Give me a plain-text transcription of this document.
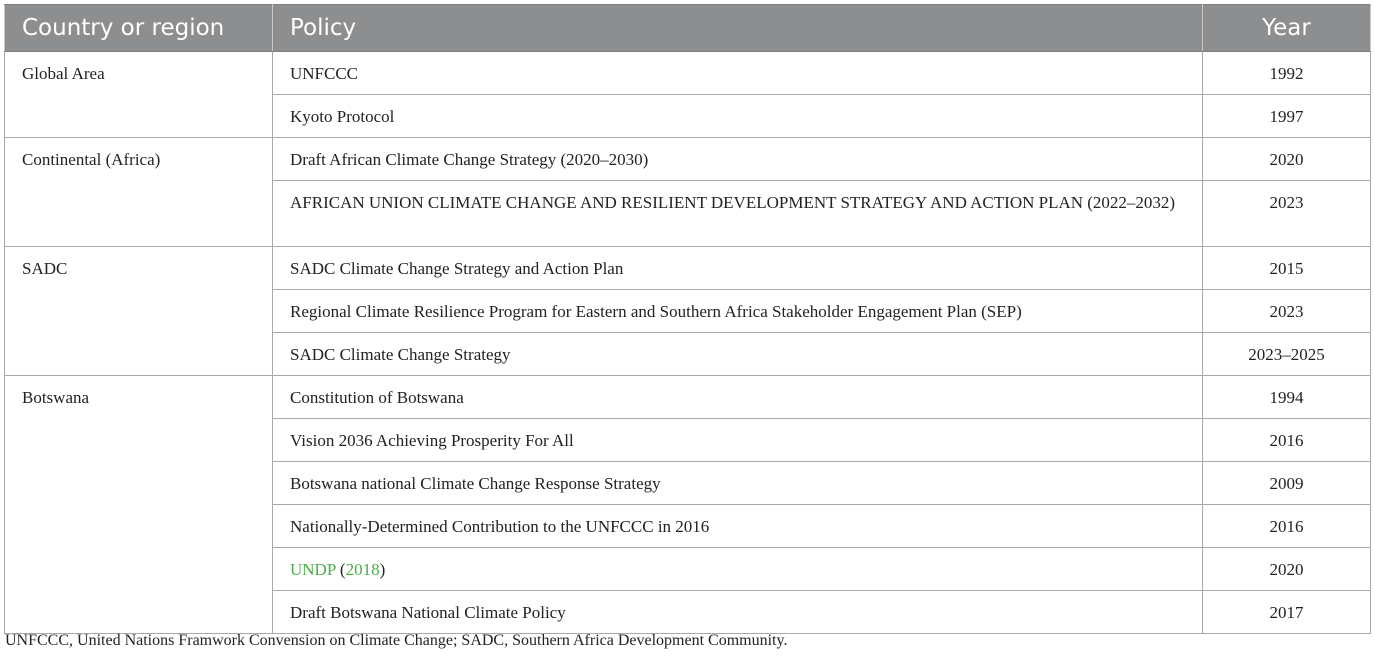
Country or region	Policy	Year
Global Area	UNFCCC	1992
	Kyoto Protocol	1997
Continental (Africa)	Draft African Climate Change Strategy (2020–2030)	2020
	AFRICAN UNION CLIMATE CHANGE AND RESILIENT DEVELOPMENT STRATEGY AND ACTION PLAN (2022–2032)	2023
SADC	SADC Climate Change Strategy and Action Plan	2015
	Regional Climate Resilience Program for Eastern and Southern Africa Stakeholder Engagement Plan (SEP)	2023
	SADC Climate Change Strategy	2023–2025
Botswana	Constitution of Botswana	1994
	Vision 2036 Achieving Prosperity For All	2016
	Botswana national Climate Change Response Strategy	2009
	Nationally-Determined Contribution to the UNFCCC in 2016	2016
	UNDP (2018)	2020
	Draft Botswana National Climate Policy	2017
UNFCCC, United Nations Framwork Convension on Climate Change; SADC, Southern Africa Development Community.
